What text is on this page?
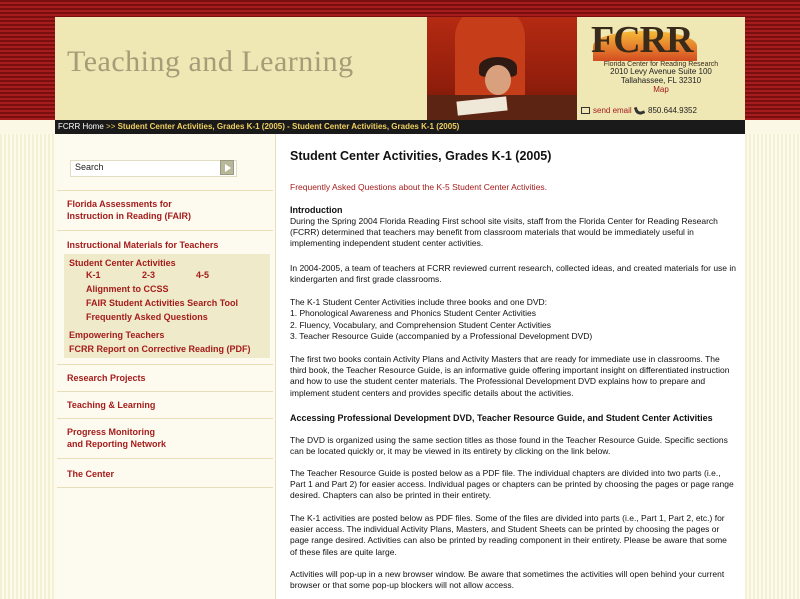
Teaching and Learning
FCRR
Florida Center for Reading Research
2010 Levy Avenue Suite 100
Tallahassee, FL 32310
Map
send email 850.644.9352
FCRR Home >> Student Center Activities, Grades K-1 (2005) - Student Center Activities, Grades K-1 (2005)
Search
Florida Assessments for
Instruction in Reading (FAIR)
Instructional Materials for Teachers
Student Center Activities
K-1	2-3	4-5
Alignment to CCSS
FAIR Student Activities Search Tool
Frequently Asked Questions
Empowering Teachers
FCRR Report on Corrective Reading (PDF)
Research Projects
Teaching & Learning
Progress Monitoring
and Reporting Network
The Center
Student Center Activities, Grades K-1 (2005)
Frequently Asked Questions about the K-5 Student Center Activities.
Introduction

During the Spring 2004 Florida Reading First school site visits, staff from the Florida Center for Reading Research (FCRR) determined that teachers may benefit from classroom materials that would be immediately useful in implementing independent student center activities.

In 2004-2005, a team of teachers at FCRR reviewed current research, collected ideas, and created materials for use in kindergarten and first grade classrooms.

The K-1 Student Center Activities include three books and one DVD:

1. Phonological Awareness and Phonics Student Center Activities

2. Fluency, Vocabulary, and Comprehension Student Center Activities

3. Teacher Resource Guide (accompanied by a Professional Development DVD)

The first two books contain Activity Plans and Activity Masters that are ready for immediate use in classrooms. The third book, the Teacher Resource Guide, is an informative guide offering important insight on differentiated instruction and how to use the student center materials. The Professional Development DVD explains how to prepare and implement student centers and provides specific details about the activities.

Accessing Professional Development DVD, Teacher Resource Guide, and Student Center Activities

The DVD is organized using the same section titles as those found in the Teacher Resource Guide. Specific sections can be located quickly or, it may be viewed in its entirety by clicking on the link below.

The Teacher Resource Guide is posted below as a PDF file. The individual chapters are divided into two parts (i.e., Part 1 and Part 2) for easier access. Individual pages or chapters can be printed by choosing the pages or page range desired. Chapters can also be printed in their entirety.

The K-1 activities are posted below as PDF files. Some of the files are divided into parts (i.e., Part 1, Part 2, etc.) for easier access. The individual Activity Plans, Masters, and Student Sheets can be printed by choosing the pages or page range desired. Activities can also be printed by reading component in their entirety. Please be aware that some of these files are quite large.

Activities will pop-up in a new browser window. Be aware that sometimes the activities will open behind your current browser or that some pop-up blockers will not allow access.
